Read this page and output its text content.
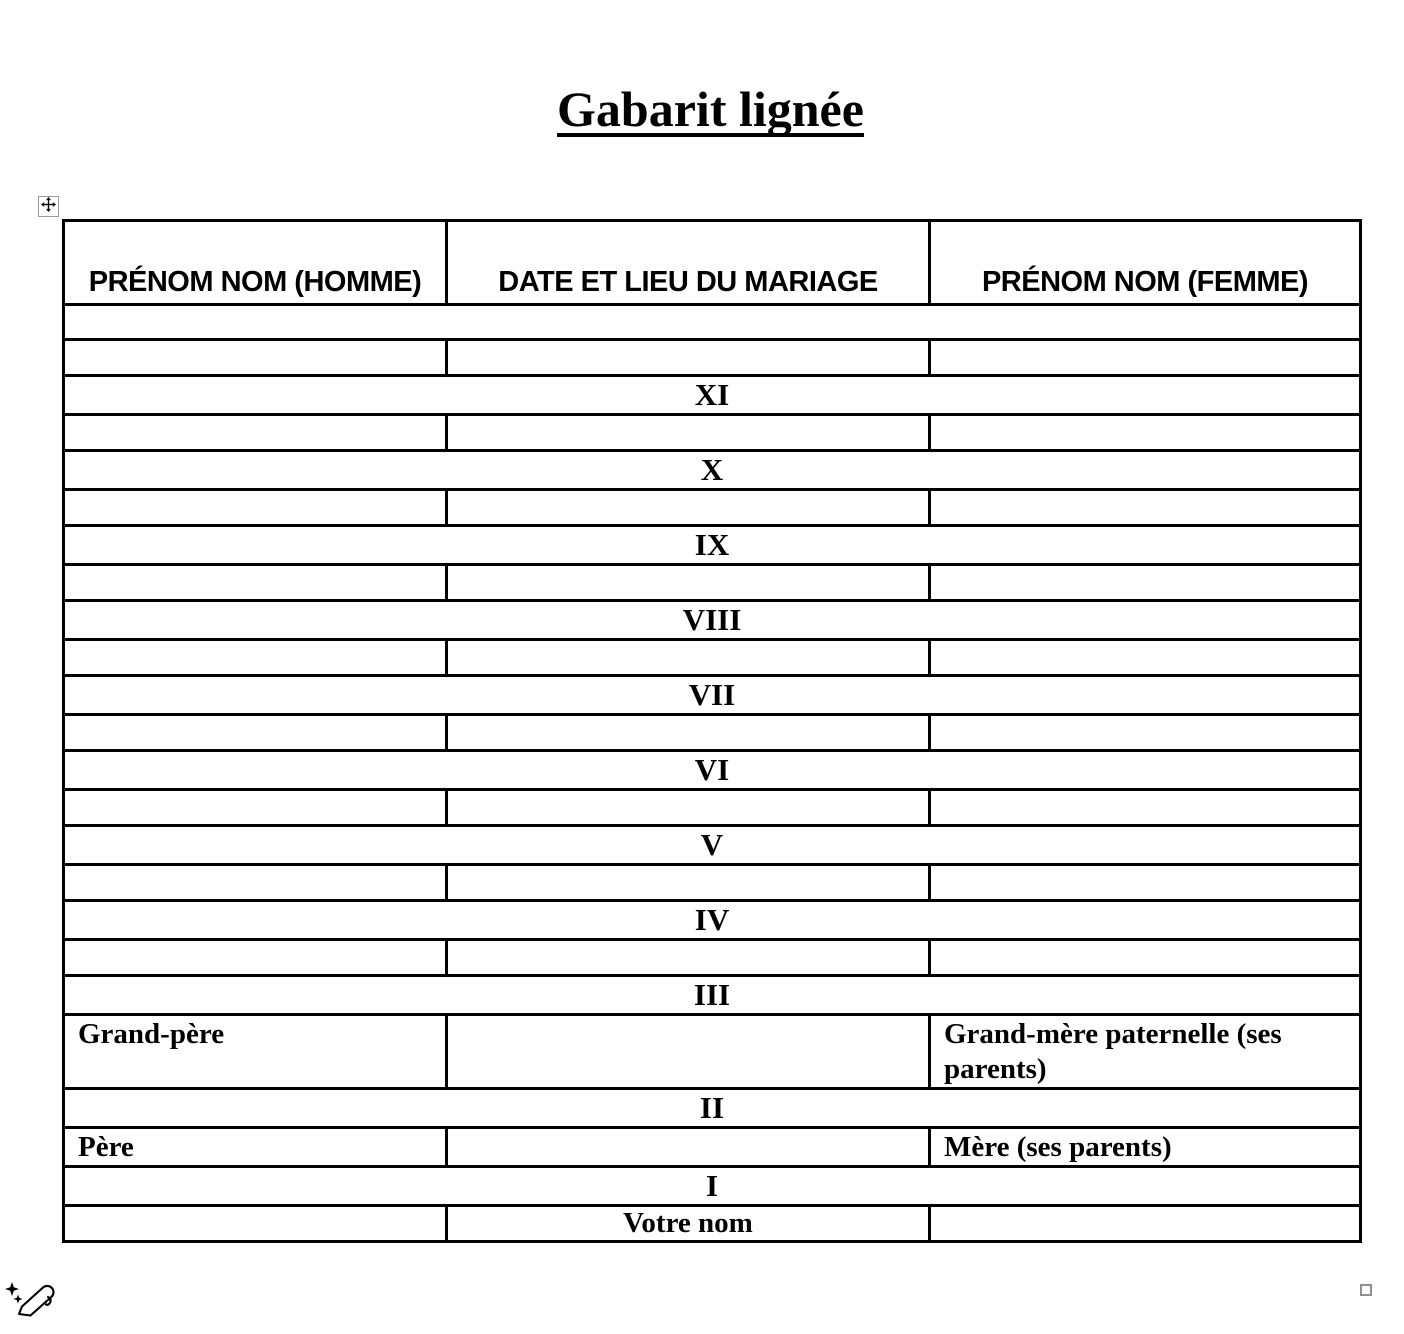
Gabarit lignée
PRÉNOM NOM (HOMME)	DATE ET LIEU DU MARIAGE	PRÉNOM NOM (FEMME)

XI		

X		

IX		

VIII		

VII		

VI		

V		

IV		

III		
Grand-père		Grand-mère paternelle (ses parents)
II		
Père		Mère (ses parents)
I		
	Votre nom	
